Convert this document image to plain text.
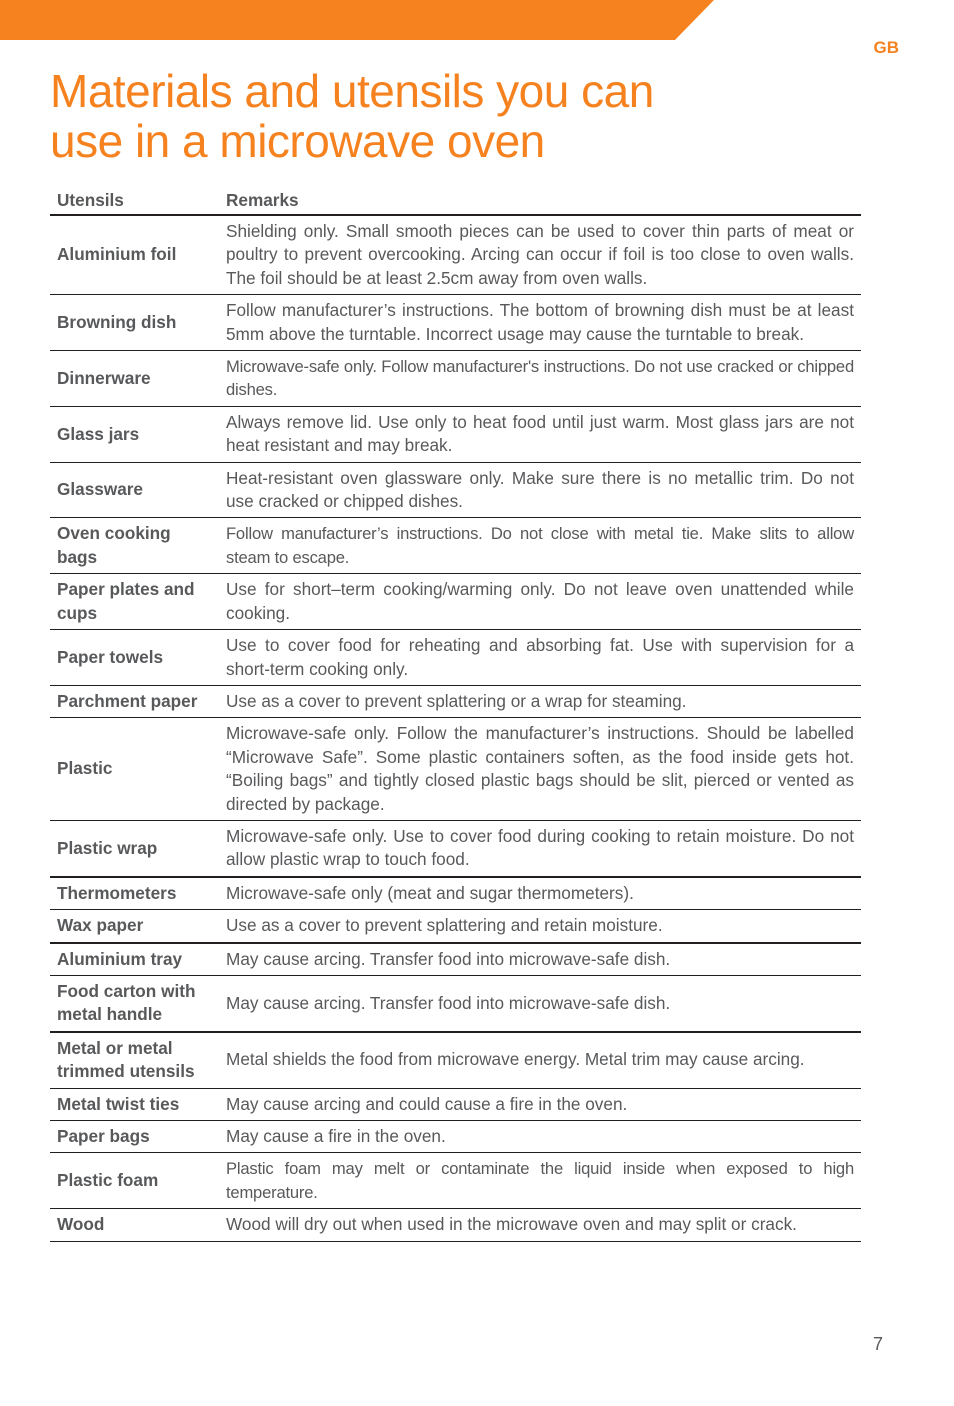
GB
Materials and utensils you can
use in a microwave oven
Utensils	Remarks
Aluminium foil	Shielding only. Small smooth pieces can be used to cover thin parts of meat or poultry to prevent overcooking. Arcing can occur if foil is too close to oven walls. The foil should be at least 2.5cm away from oven walls.
Browning dish	Follow manufacturer’s instructions. The bottom of browning dish must be at least 5mm above the turntable. Incorrect usage may cause the turntable to break.
Dinnerware	Microwave-safe only. Follow manufacturer's instructions. Do not use cracked or chipped dishes.
Glass jars	Always remove lid. Use only to heat food until just warm. Most glass jars are not heat resistant and may break.
Glassware	Heat-resistant oven glassware only. Make sure there is no metallic trim. Do not use cracked or chipped dishes.
Oven cooking bags	Follow manufacturer’s instructions. Do not close with metal tie. Make slits to allow steam to escape.
Paper plates and cups	Use for short–term cooking/warming only. Do not leave oven unattended while cooking.
Paper towels	Use to cover food for reheating and absorbing fat. Use with supervision for a short-term cooking only.
Parchment paper	Use as a cover to prevent splattering or a wrap for steaming.
Plastic	Microwave-safe only. Follow the manufacturer’s instructions. Should be labelled “Microwave Safe”. Some plastic containers soften, as the food inside gets hot. “Boiling bags” and tightly closed plastic bags should be slit, pierced or vented as directed by package.
Plastic wrap	Microwave-safe only. Use to cover food during cooking to retain moisture. Do not allow plastic wrap to touch food.
Thermometers	Microwave-safe only (meat and sugar thermometers).
Wax paper	Use as a cover to prevent splattering and retain moisture.
Aluminium tray	May cause arcing. Transfer food into microwave-safe dish.
Food carton with metal handle	May cause arcing. Transfer food into microwave-safe dish.
Metal or metal trimmed utensils	Metal shields the food from microwave energy. Metal trim may cause arcing.
Metal twist ties	May cause arcing and could cause a fire in the oven.
Paper bags	May cause a fire in the oven.
Plastic foam	Plastic foam may melt or contaminate the liquid inside when exposed to high temperature.
Wood	Wood will dry out when used in the microwave oven and may split or crack.
7
